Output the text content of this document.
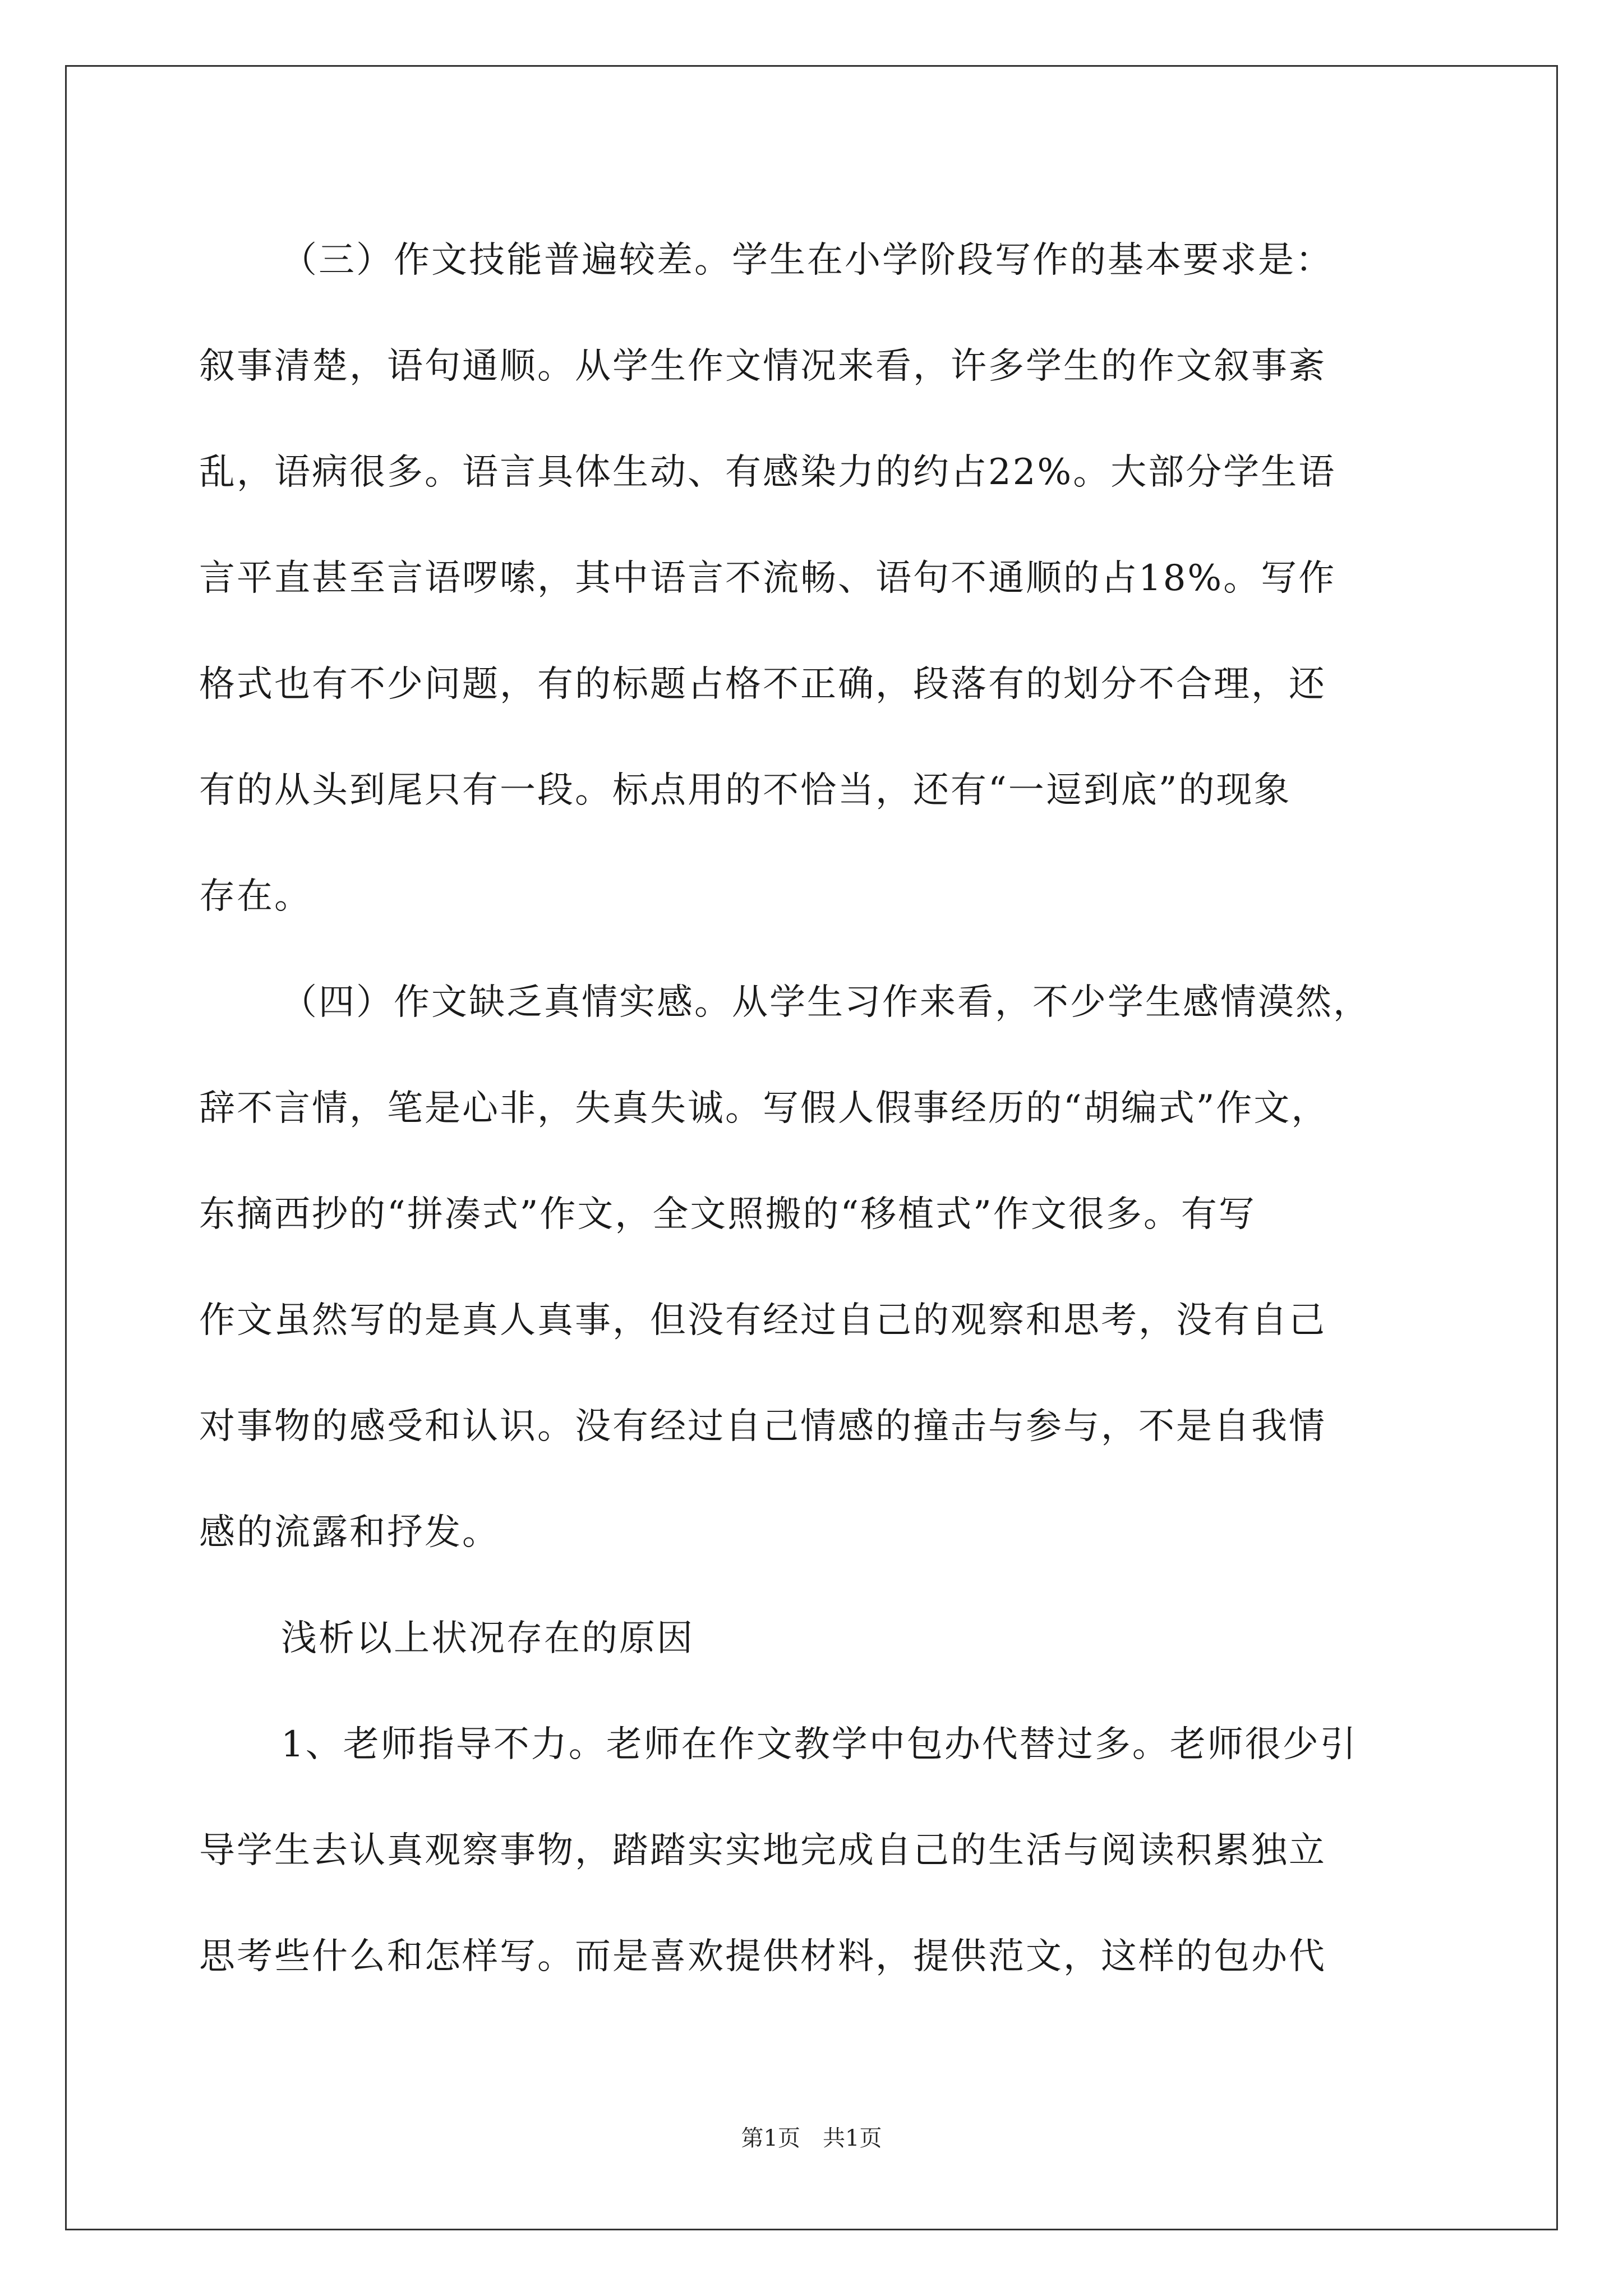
（三）作文技能普遍较差。学生在小学阶段写作的基本要求是：
叙事清楚，语句通顺。从学生作文情况来看，许多学生的作文叙事紊
乱，语病很多。语言具体生动、有感染力的约占22%。大部分学生语
言平直甚至言语啰嗦，其中语言不流畅、语句不通顺的占18%。写作
格式也有不少问题，有的标题占格不正确，段落有的划分不合理，还
有的从头到尾只有一段。标点用的不恰当，还有“一逗到底”的现象
存在。
（四）作文缺乏真情实感。从学生习作来看，不少学生感情漠然，
辞不言情，笔是心非，失真失诚。写假人假事经历的“胡编式”作文，
东摘西抄的“拼凑式”作文，全文照搬的“移植式”作文很多。有写
作文虽然写的是真人真事，但没有经过自己的观察和思考，没有自己
对事物的感受和认识。没有经过自己情感的撞击与参与，不是自我情
感的流露和抒发。
浅析以上状况存在的原因
1、老师指导不力。老师在作文教学中包办代替过多。老师很少引
导学生去认真观察事物，踏踏实实地完成自己的生活与阅读积累独立
思考些什么和怎样写。而是喜欢提供材料，提供范文，这样的包办代
第1页 共1页
